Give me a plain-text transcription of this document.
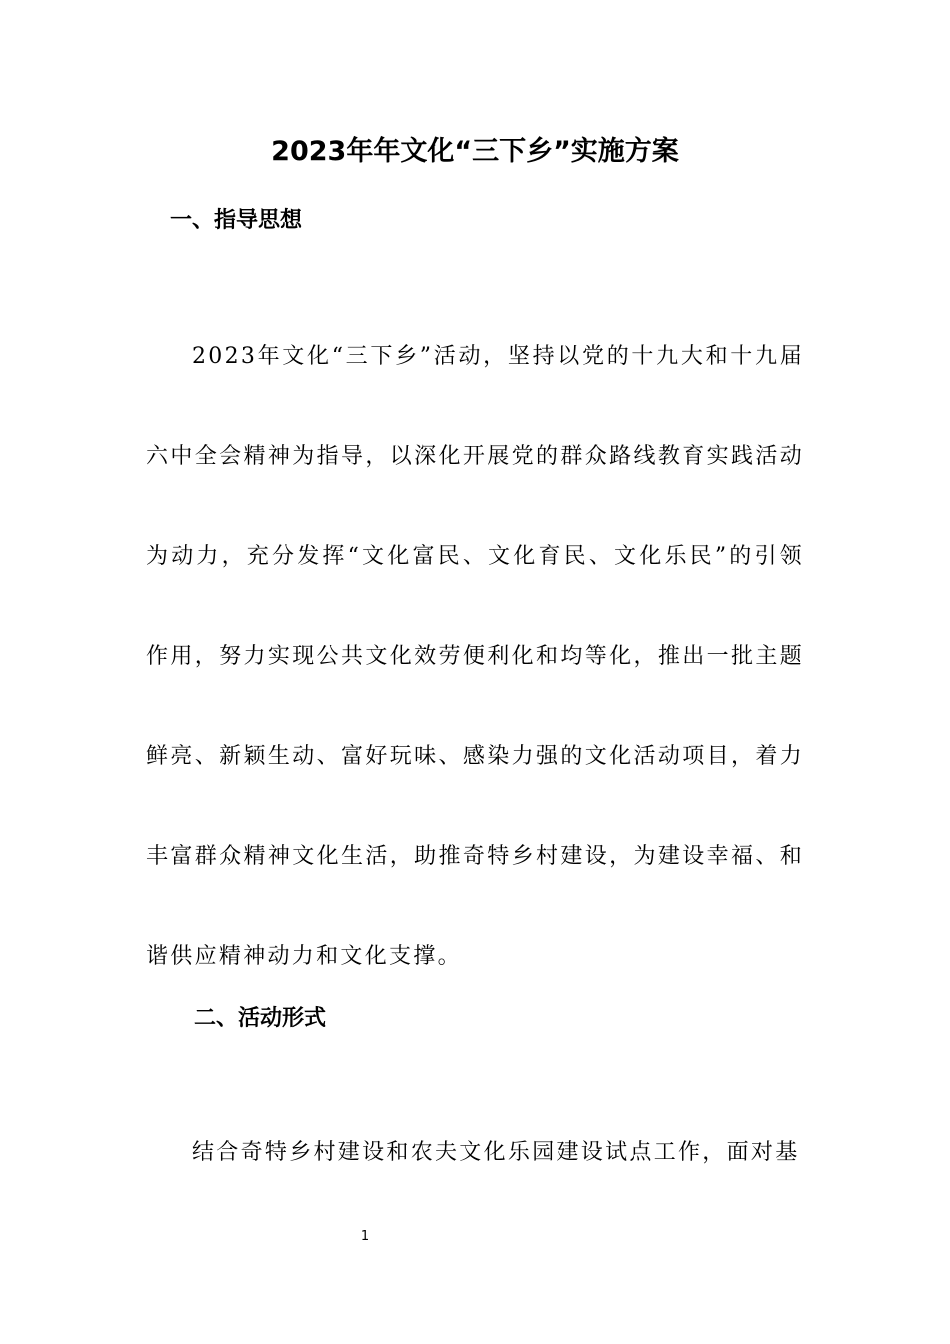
2023年年文化“三下乡”实施方案
一、指导思想

2023年文化“三下乡”活动，坚持以党的十九大和十九届六中全会精神为指导，以深化开展党的群众路线教育实践活动为动力，充分发挥“文化富民、文化育民、文化乐民”的引领作用，努力实现公共文化效劳便利化和均等化，推出一批主题鲜亮、新颖生动、富好玩味、感染力强的文化活动项目，着力丰富群众精神文化生活，助推奇特乡村建设，为建设幸福、和谐供应精神动力和文化支撑。

二、活动形式

结合奇特乡村建设和农夫文化乐园建设试点工作，面对基

1
